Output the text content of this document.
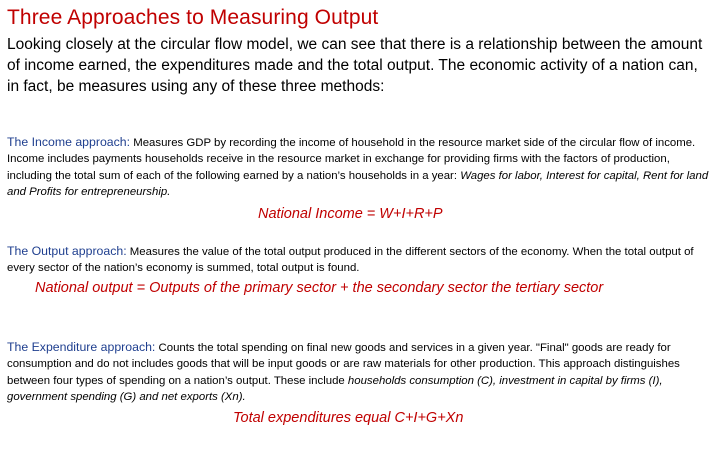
Three Approaches to Measuring Output

Looking closely at the circular flow model, we can see that there is a relationship between the amount of income earned, the expenditures made and the total output. The economic activity of a nation can, in fact, be measures using any of these three methods:

The Income approach: Measures GDP by recording the income of household in the resource market side of the circular flow of income. Income includes payments households receive in the resource market in exchange for providing firms with the factors of production, including the total sum of each of the following earned by a nation’s households in a year: Wages for labor, Interest for capital, Rent for land and Profits for entrepreneurship.

National Income = W+I+R+P

The Output approach: Measures the value of the total output produced in the different sectors of the economy. When the total output of every sector of the nation’s economy is summed, total output is found.

National output = Outputs of the primary sector + the secondary sector the tertiary sector

The Expenditure approach: Counts the total spending on final new goods and services in a given year. "Final" goods are ready for consumption and do not includes goods that will be input goods or are raw materials for other production. This approach distinguishes between four types of spending on a nation’s output. These include households consumption (C), investment in capital by firms (I), government spending (G) and net exports (Xn).

Total expenditures equal C+I+G+Xn
